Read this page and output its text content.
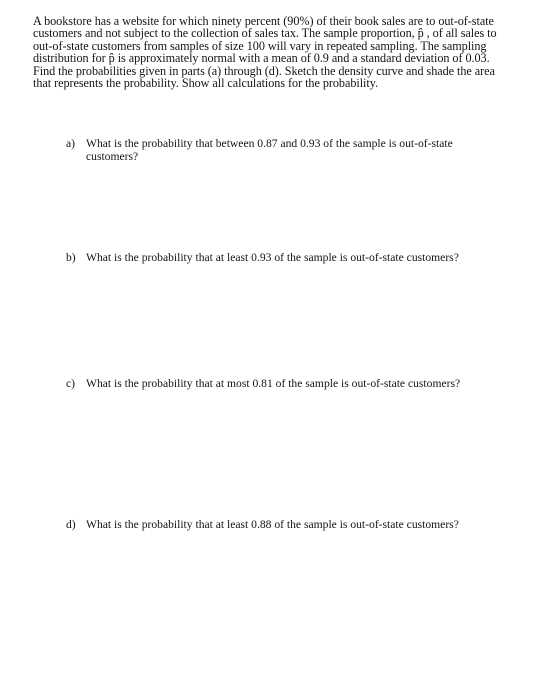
A bookstore has a website for which ninety percent (90%) of their book sales are to out-of-state
customers and not subject to the collection of sales tax. The sample proportion, p̂ , of all sales to
out-of-state customers from samples of size 100 will vary in repeated sampling. The sampling
distribution for p̂ is approximately normal with a mean of 0.9 and a standard deviation of 0.03.
Find the probabilities given in parts (a) through (d). Sketch the density curve and shade the area
that represents the probability. Show all calculations for the probability.
a) What is the probability that between 0.87 and 0.93 of the sample is out-of-state
customers?
b) What is the probability that at least 0.93 of the sample is out-of-state customers?
c) What is the probability that at most 0.81 of the sample is out-of-state customers?
d) What is the probability that at least 0.88 of the sample is out-of-state customers?
